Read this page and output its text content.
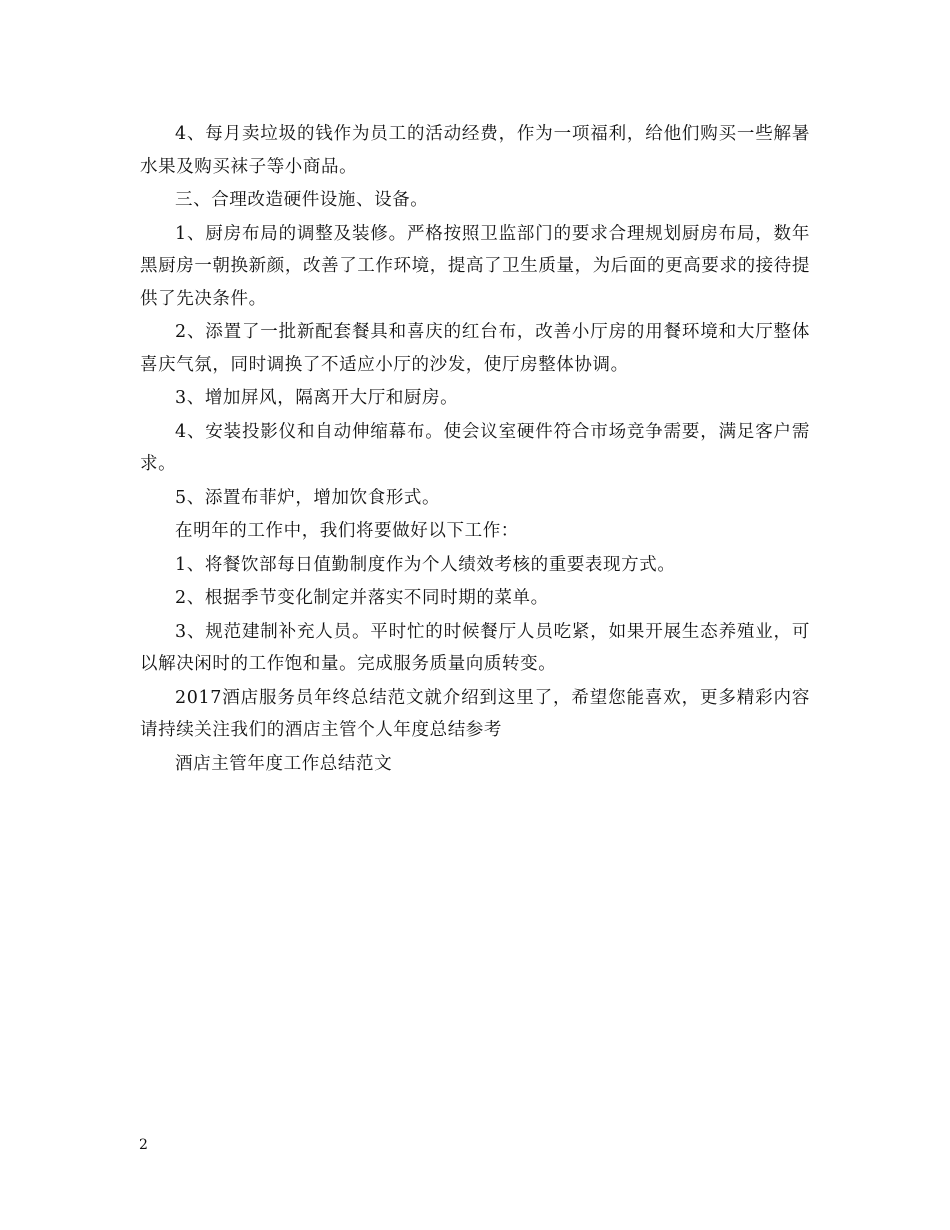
4、每月卖垃圾的钱作为员工的活动经费，作为一项福利，给他们购买一些解暑水果及购买袜子等小商品。

三、合理改造硬件设施、设备。

1、厨房布局的调整及装修。严格按照卫监部门的要求合理规划厨房布局，数年黑厨房一朝换新颜，改善了工作环境，提高了卫生质量，为后面的更高要求的接待提供了先决条件。

2、添置了一批新配套餐具和喜庆的红台布，改善小厅房的用餐环境和大厅整体喜庆气氛，同时调换了不适应小厅的沙发，使厅房整体协调。

3、增加屏风，隔离开大厅和厨房。

4、安装投影仪和自动伸缩幕布。使会议室硬件符合市场竞争需要，满足客户需求。

5、添置布菲炉，增加饮食形式。

在明年的工作中，我们将要做好以下工作：

1、将餐饮部每日值勤制度作为个人绩效考核的重要表现方式。

2、根据季节变化制定并落实不同时期的菜单。

3、规范建制补充人员。平时忙的时候餐厅人员吃紧，如果开展生态养殖业，可以解决闲时的工作饱和量。完成服务质量向质转变。

2017酒店服务员年终总结范文就介绍到这里了，希望您能喜欢，更多精彩内容请持续关注我们的酒店主管个人年度总结参考

酒店主管年度工作总结范文

2
